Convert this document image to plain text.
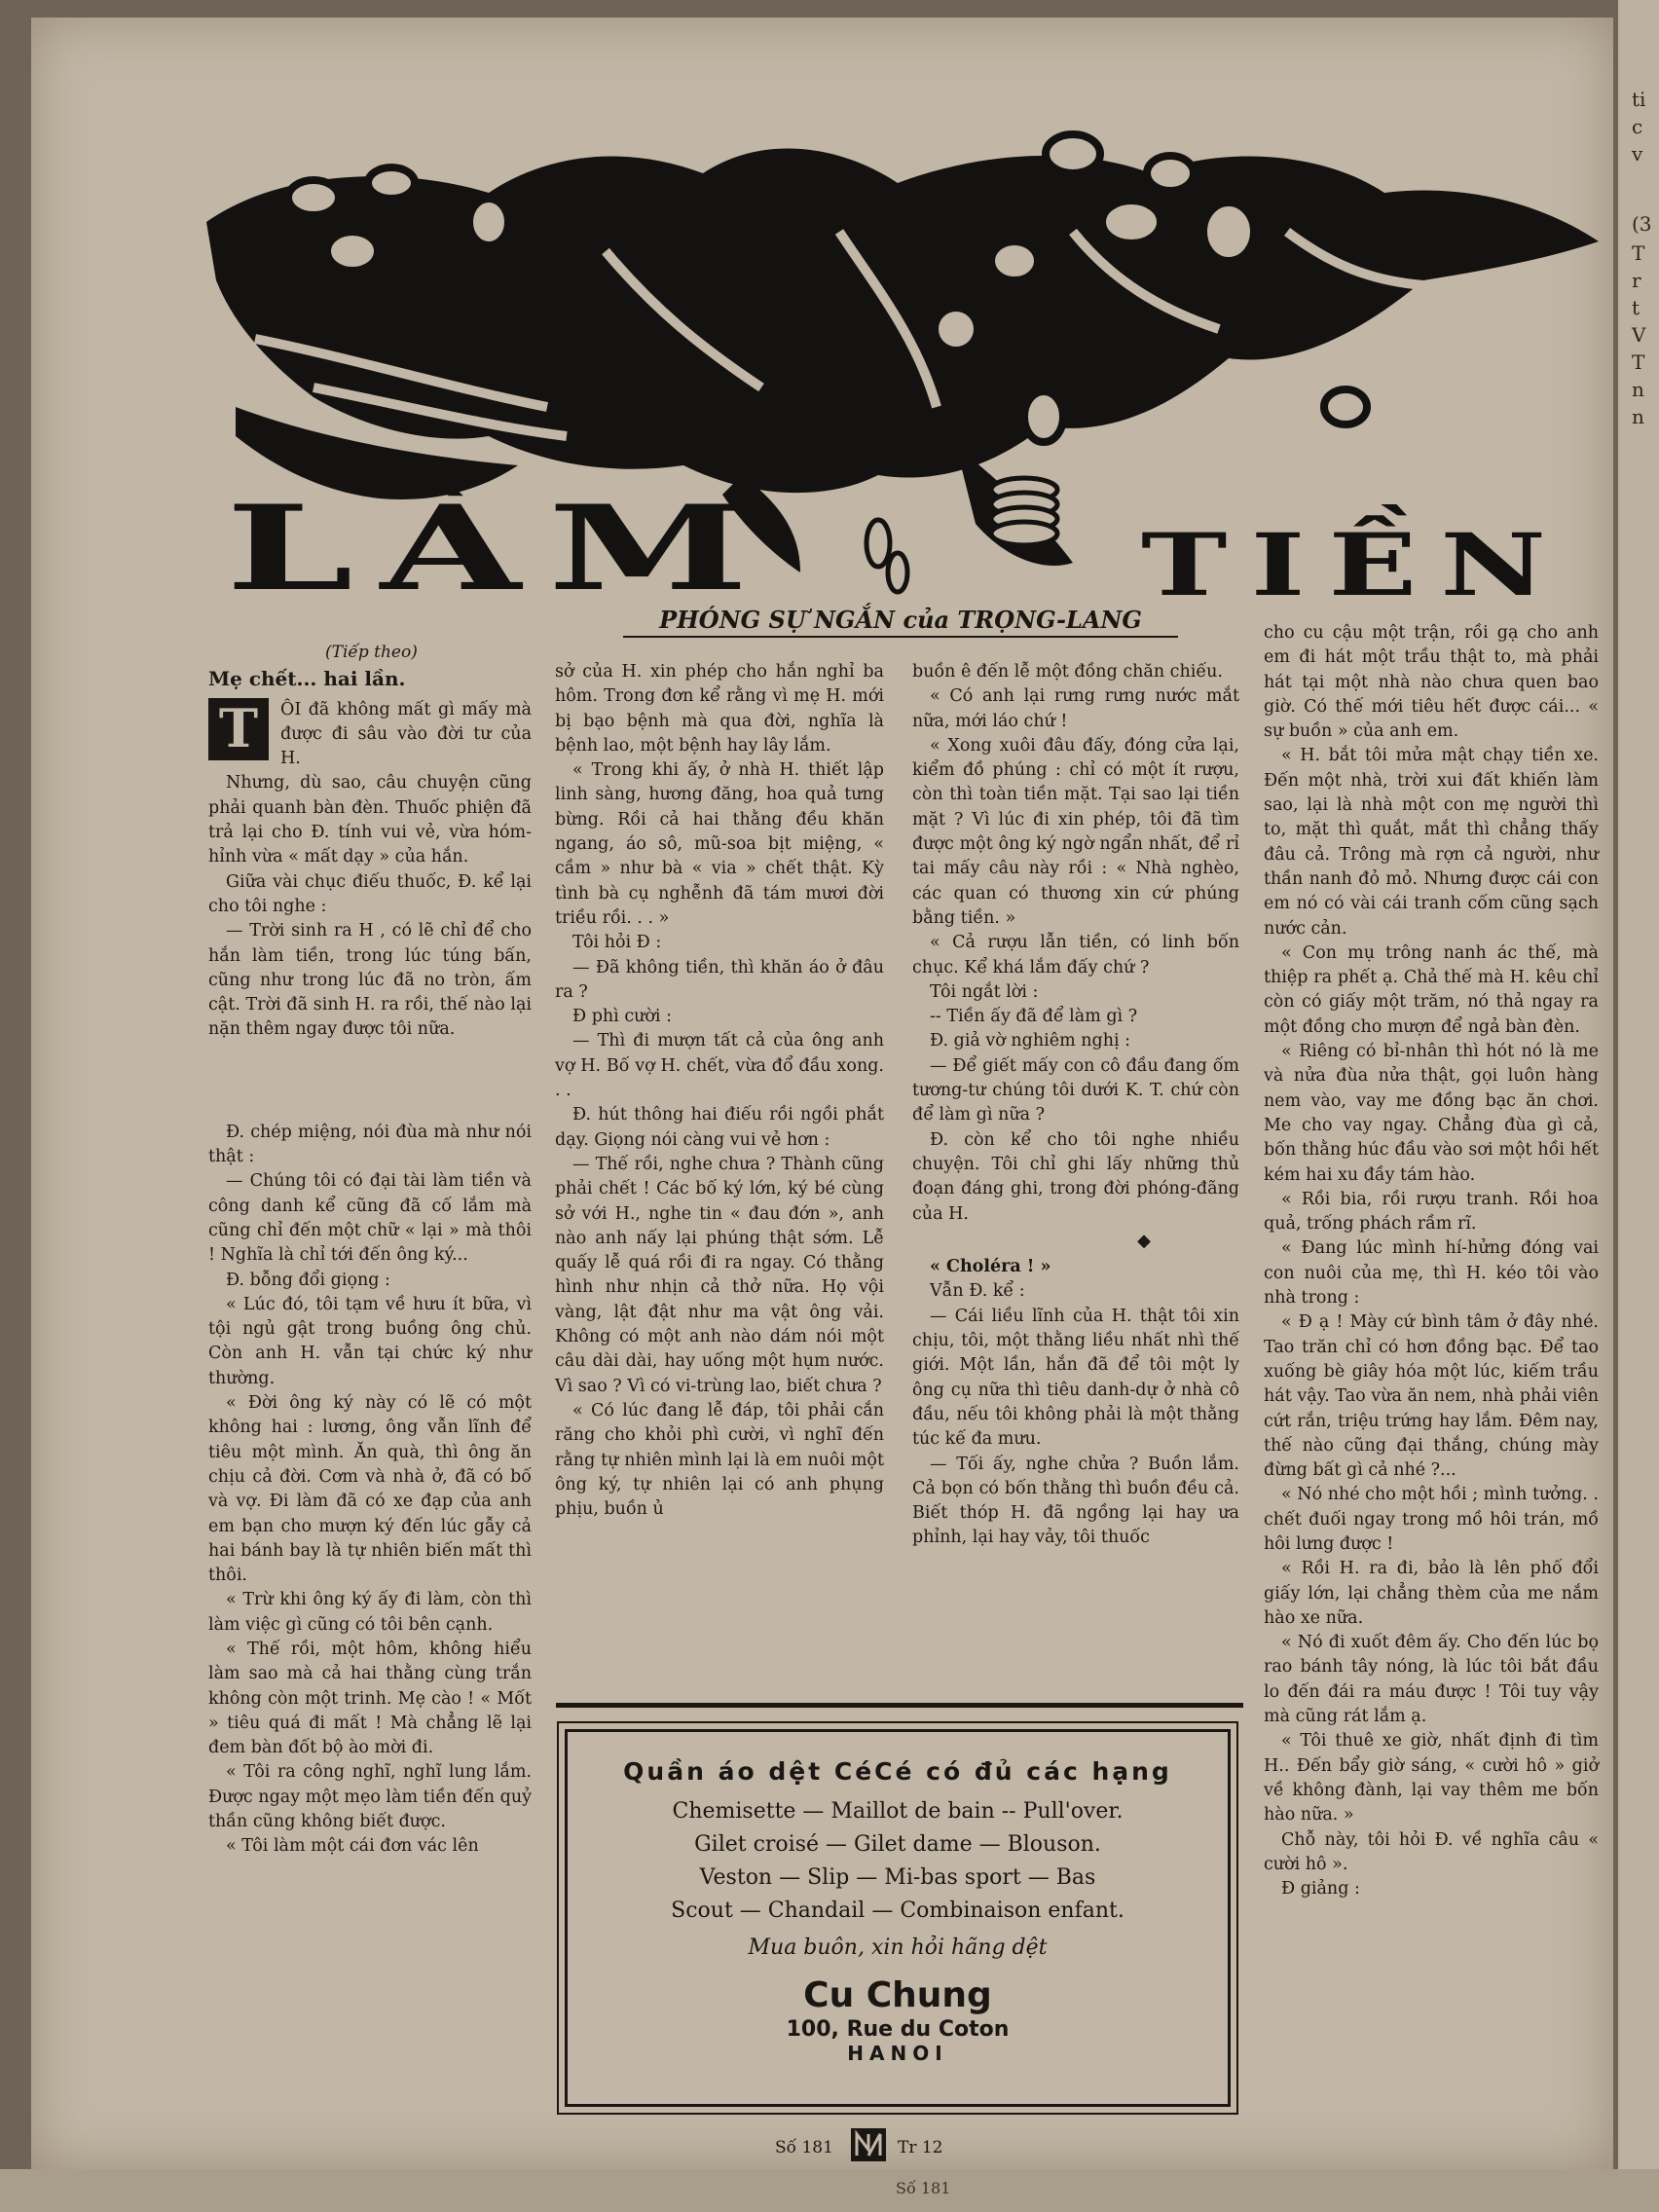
LÀM	TIỀN
PHÓNG SỰ NGẮN của TRỌNG-LANG
(Tiếp theo)
Mẹ chết... hai lần.
T	ÔI đã không mất gì mấy mà được đi sâu vào đời tư của H.

Nhưng, dù sao, câu chuyện cũng phải quanh bàn đèn. Thuốc phiện đã trả lại cho Đ. tính vui vẻ, vừa hóm-hỉnh vừa « mất dạy » của hắn.

Giữa vài chục điếu thuốc, Đ. kể lại cho tôi nghe :

— Trời sinh ra H , có lẽ chỉ để cho hắn làm tiền, trong lúc túng bấn, cũng như trong lúc đã no tròn, ấm cật. Trời đã sinh H. ra rồi, thế nào lại nặn thêm ngay được tôi nữa.

Đ. chép miệng, nói đùa mà như nói thật :

— Chúng tôi có đại tài làm tiền và công danh kể cũng đã cố lắm mà cũng chỉ đến một chữ « lại » mà thôi ! Nghĩa là chỉ tới đến ông ký...

Đ. bỗng đổi giọng :

« Lúc đó, tôi tạm về hưu ít bữa, vì tội ngủ gật trong buồng ông chủ. Còn anh H. vẫn tại chức ký như thường.

« Đời ông ký này có lẽ có một không hai : lương, ông vẫn lĩnh để tiêu một mình. Ăn quà, thì ông ăn chịu cả đời. Cơm và nhà ở, đã có bố và vợ. Đi làm đã có xe đạp của anh em bạn cho mượn ký đến lúc gẫy cả hai bánh bay là tự nhiên biến mất thì thôi.

« Trừ khi ông ký ấy đi làm, còn thì làm việc gì cũng có tôi bên cạnh.

« Thế rồi, một hôm, không hiểu làm sao mà cả hai thằng cùng trắn không còn một trinh. Mẹ cào ! « Mốt » tiêu quá đi mất ! Mà chẳng lẽ lại đem bàn đốt bộ ào mời đi.

« Tôi ra công nghĩ, nghĩ lung lắm. Được ngay một mẹo làm tiền đến quỷ thần cũng không biết được.

« Tôi làm một cái đơn vác lên

sở của H. xin phép cho hắn nghỉ ba hôm. Trong đơn kể rằng vì mẹ H. mới bị bạo bệnh mà qua đời, nghĩa là bệnh lao, một bệnh hay lây lắm.

« Trong khi ấy, ở nhà H. thiết lập linh sàng, hương đăng, hoa quả tưng bừng. Rồi cả hai thằng đều khăn ngang, áo sô, mũ-soa bịt miệng, « cầm » như bà « via » chết thật. Kỳ tình bà cụ nghễnh đã tám mươi đời triều rồi. . . »

Tôi hỏi Đ :

— Đã không tiền, thì khăn áo ở đâu ra ?

Đ phì cười :

— Thì đi mượn tất cả của ông anh vợ H. Bố vợ H. chết, vừa đổ đầu xong. . .

Đ. hút thông hai điếu rồi ngồi phắt dạy. Giọng nói càng vui vẻ hơn :

— Thế rồi, nghe chưa ? Thành cũng phải chết ! Các bố ký lớn, ký bé cùng sở với H., nghe tin « đau đớn », anh nào anh nấy lại phúng thật sớm. Lễ quấy lễ quá rồi đi ra ngay. Có thằng hình như nhịn cả thở nữa. Họ vội vàng, lật đật như ma vật ông vải. Không có một anh nào dám nói một câu dài dài, hay uống một hụm nước. Vì sao ? Vì có vi-trùng lao, biết chưa ?

« Có lúc đang lễ đáp, tôi phải cắn răng cho khỏi phì cười, vì nghĩ đến rằng tự nhiên mình lại là em nuôi một ông ký, tự nhiên lại có anh phụng phịu, buồn ủ

buồn ê đến lễ một đồng chăn chiếu.

« Có anh lại rưng rưng nước mắt nữa, mới láo chứ !

« Xong xuôi đâu đấy, đóng cửa lại, kiểm đồ phúng : chỉ có một ít rượu, còn thì toàn tiền mặt. Tại sao lại tiền mặt ? Vì lúc đi xin phép, tôi đã tìm được một ông ký ngờ ngẩn nhất, để rỉ tai mấy câu này rồi : « Nhà nghèo, các quan có thương xin cứ phúng bằng tiền. »

« Cả rượu lẫn tiền, có linh bốn chục. Kể khá lắm đấy chứ ?

Tôi ngắt lời :

-- Tiền ấy đã để làm gì ?

Đ. giả vờ nghiêm nghị :

— Để giết mấy con cô đầu đang ốm tương-tư chúng tôi dưới K. T. chứ còn để làm gì nữa ?

Đ. còn kể cho tôi nghe nhiều chuyện. Tôi chỉ ghi lấy những thủ đoạn đáng ghi, trong đời phóng-đãng của H.

◆

« Choléra ! »

Vẫn Đ. kể :

— Cái liều lĩnh của H. thật tôi xin chịu, tôi, một thằng liều nhất nhì thế giới. Một lần, hắn đã để tôi một ly ông cụ nữa thì tiêu danh-dự ở nhà cô đầu, nếu tôi không phải là một thằng túc kế đa mưu.

— Tối ấy, nghe chửa ? Buồn lắm. Cả bọn có bốn thằng thì buồn đều cả. Biết thóp H. đã ngồng lại hay ưa phỉnh, lại hay vảy, tôi thuốc

cho cu cậu một trận, rồi gạ cho anh em đi hát một trầu thật to, mà phải hát tại một nhà nào chưa quen bao giờ. Có thế mới tiêu hết được cái... « sự buồn » của anh em.

« H. bắt tôi mửa mật chạy tiền xe. Đến một nhà, trời xui đất khiến làm sao, lại là nhà một con mẹ người thì to, mặt thì quắt, mắt thì chẳng thấy đâu cả. Trông mà rợn cả người, như thần nanh đỏ mỏ. Nhưng được cái con em nó có vài cái tranh cốm cũng sạch nước cản.

« Con mụ trông nanh ác thế, mà thiệp ra phết ạ. Chả thế mà H. kêu chỉ còn có giấy một trăm, nó thả ngay ra một đồng cho mượn để ngả bàn đèn.

« Riêng có bỉ-nhân thì hót nó là me và nửa đùa nửa thật, gọi luôn hàng nem vào, vay me đồng bạc ăn chơi. Me cho vay ngay. Chẳng đùa gì cả, bốn thằng húc đầu vào sơi một hồi hết kém hai xu đầy tám hào.

« Rồi bia, rồi rượu tranh. Rồi hoa quả, trống phách rầm rĩ.

« Đang lúc mình hí-hửng đóng vai con nuôi của mẹ, thì H. kéo tôi vào nhà trong :

« Đ ạ ! Mày cứ bình tâm ở đây nhé. Tao trăn chỉ có hơn đồng bạc. Để tao xuống bè giây hóa một lúc, kiếm trầu hát vậy. Tao vừa ăn nem, nhà phải viên cứt rắn, triệu trứng hay lắm. Đêm nay, thế nào cũng đại thắng, chúng mày đừng bất gì cả nhé ?...

« Nó nhé cho một hồi ; mình tưởng. . chết đuối ngay trong mồ hôi trán, mồ hôi lưng được !

« Rồi H. ra đi, bảo là lên phố đổi giấy lớn, lại chẳng thèm của me nắm hào xe nữa.

« Nó đi xuốt đêm ấy. Cho đến lúc bọ rao bánh tây nóng, là lúc tôi bắt đầu lo đến đái ra máu được ! Tôi tuy vậy mà cũng rát lắm ạ.

« Tôi thuê xe giờ, nhất định đi tìm H.. Đến bẩy giờ sáng, « cười hô » giở về không đành, lại vay thêm me bốn hào nữa. »

Chỗ này, tôi hỏi Đ. về nghĩa câu « cười hô ».

Đ giảng :

Quần áo dệt CéCé có đủ các hạng
Chemisette — Maillot de bain -- Pull'over.
Gilet croisé — Gilet dame — Blouson.
Veston — Slip — Mi-bas sport — Bas
Scout — Chandail — Combinaison enfant.
Mua buôn, xin hỏi hãng dệt
Cu Chung
100, Rue du Coton
HANOI
Số 181	Tr 12
ti
c
v
(3
T
r
t
V
T
n
n
Số 181
